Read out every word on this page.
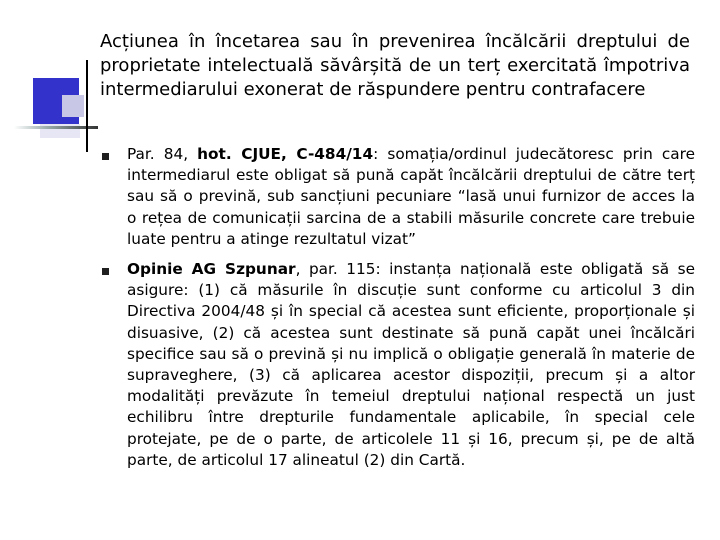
Acțiunea în încetarea sau în prevenirea încălcării dreptului de proprietate intelectuală săvârșită de un terț exercitată împotriva intermediarului exonerat de răspundere pentru contrafacere
Par. 84, hot. CJUE, C-484/14: somația/ordinul judecătoresc prin care intermediarul este obligat să pună capăt încălcării dreptului de către terț sau să o prevină, sub sancțiuni pecuniare “lasă unui furnizor de acces la o rețea de comunicații sarcina de a stabili măsurile concrete care trebuie luate pentru a atinge rezultatul vizat”
Opinie AG Szpunar, par. 115: instanța națională este obligată să se asigure: (1) că măsurile în discuție sunt conforme cu articolul 3 din Directiva 2004/48 și în special că acestea sunt eficiente, proporționale și disuasive, (2) că acestea sunt destinate să pună capăt unei încălcări specifice sau să o prevină și nu implică o obligație generală în materie de supraveghere, (3) că aplicarea acestor dispoziții, precum și a altor modalități prevăzute în temeiul dreptului național respectă un just echilibru între drepturile fundamentale aplicabile, în special cele protejate, pe de o parte, de articolele 11 și 16, precum și, pe de altă parte, de articolul 17 alineatul (2) din Cartă.
